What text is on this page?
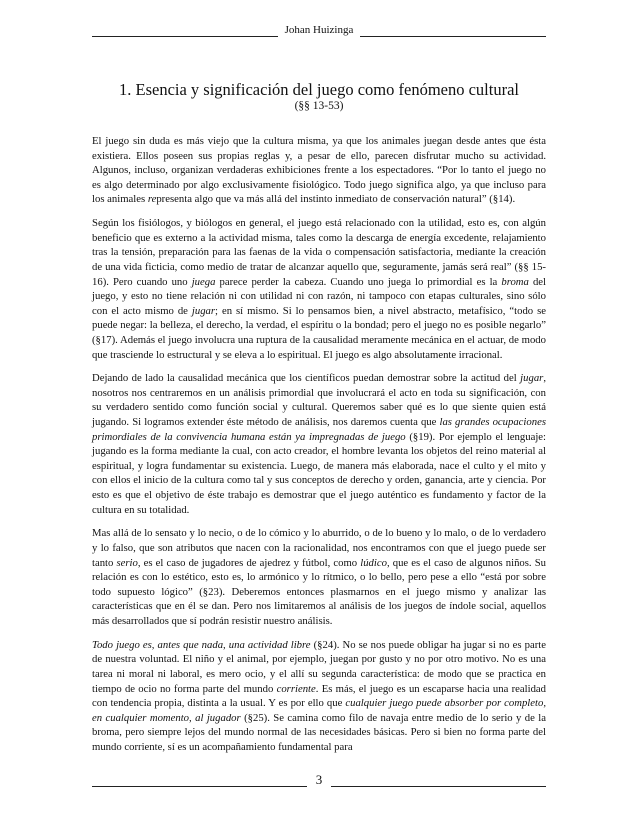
Johan Huizinga
1. Esencia y significación del juego como fenómeno cultural
(§§ 13-53)

El juego sin duda es más viejo que la cultura misma, ya que los animales juegan desde antes que ésta existiera. Ellos poseen sus propias reglas y, a pesar de ello, parecen disfrutar mucho su actividad. Algunos, incluso, organizan verdaderas exhibiciones frente a los espectadores. “Por lo tanto el juego no es algo determinado por algo exclusivamente fisiológico. Todo juego significa algo, ya que incluso para los animales representa algo que va más allá del instinto inmediato de conservación natural” (§14).

Según los fisiólogos, y biólogos en general, el juego está relacionado con la utilidad, esto es, con algún beneficio que es externo a la actividad misma, tales como la descarga de energía excedente, relajamiento tras la tensión, preparación para las faenas de la vida o compensación satisfactoria, mediante la creación de una vida ficticia, como medio de tratar de alcanzar aquello que, seguramente, jamás será real” (§§ 15-16). Pero cuando uno juega parece perder la cabeza. Cuando uno juega lo primordial es la broma del juego, y esto no tiene relación ni con utilidad ni con razón, ni tampoco con etapas culturales, sino sólo con el acto mismo de jugar; en sí mismo. Si lo pensamos bien, a nivel abstracto, metafísico, “todo se puede negar: la belleza, el derecho, la verdad, el espíritu o la bondad; pero el juego no es posible negarlo” (§17). Además el juego involucra una ruptura de la causalidad meramente mecánica en el actuar, de modo que trasciende lo estructural y se eleva a lo espiritual. El juego es algo absolutamente irracional.

Dejando de lado la causalidad mecánica que los científicos puedan demostrar sobre la actitud del jugar, nosotros nos centraremos en un análisis primordial que involucrará el acto en toda su significación, con su verdadero sentido como función social y cultural. Queremos saber qué es lo que siente quien está jugando. Si logramos extender éste método de análisis, nos daremos cuenta que las grandes ocupaciones primordiales de la convivencia humana están ya impregnadas de juego (§19). Por ejemplo el lenguaje: jugando es la forma mediante la cual, con acto creador, el hombre levanta los objetos del reino material al espiritual, y logra fundamentar su existencia. Luego, de manera más elaborada, nace el culto y el mito y con ellos el inicio de la cultura como tal y sus conceptos de derecho y orden, ganancia, arte y ciencia. Por esto es que el objetivo de éste trabajo es demostrar que el juego auténtico es fundamento y factor de la cultura en su totalidad.

Mas allá de lo sensato y lo necio, o de lo cómico y lo aburrido, o de lo bueno y lo malo, o de lo verdadero y lo falso, que son atributos que nacen con la racionalidad, nos encontramos con que el juego puede ser tanto serio, es el caso de jugadores de ajedrez y fútbol, como lúdico, que es el caso de algunos niños. Su relación es con lo estético, esto es, lo armónico y lo rítmico, o lo bello, pero pese a ello “está por sobre todo supuesto lógico” (§23). Deberemos entonces plasmarnos en el juego mismo y analizar las características que en él se dan. Pero nos limitaremos al análisis de los juegos de índole social, aquellos más desarrollados que sí podrán resistir nuestro análisis.

Todo juego es, antes que nada, una actividad libre (§24). No se nos puede obligar ha jugar si no es parte de nuestra voluntad. El niño y el animal, por ejemplo, juegan por gusto y no por otro motivo. No es una tarea ni moral ni laboral, es mero ocio, y el allí su segunda característica: de modo que se practica en tiempo de ocio no forma parte del mundo corriente. Es más, el juego es un escaparse hacia una realidad con tendencia propia, distinta a la usual. Y es por ello que cualquier juego puede absorber por completo, en cualquier momento, al jugador (§25). Se camina como filo de navaja entre medio de lo serio y de la broma, pero siempre lejos del mundo normal de las necesidades básicas. Pero si bien no forma parte del mundo corriente, sí es un acompañamiento fundamental para

3
